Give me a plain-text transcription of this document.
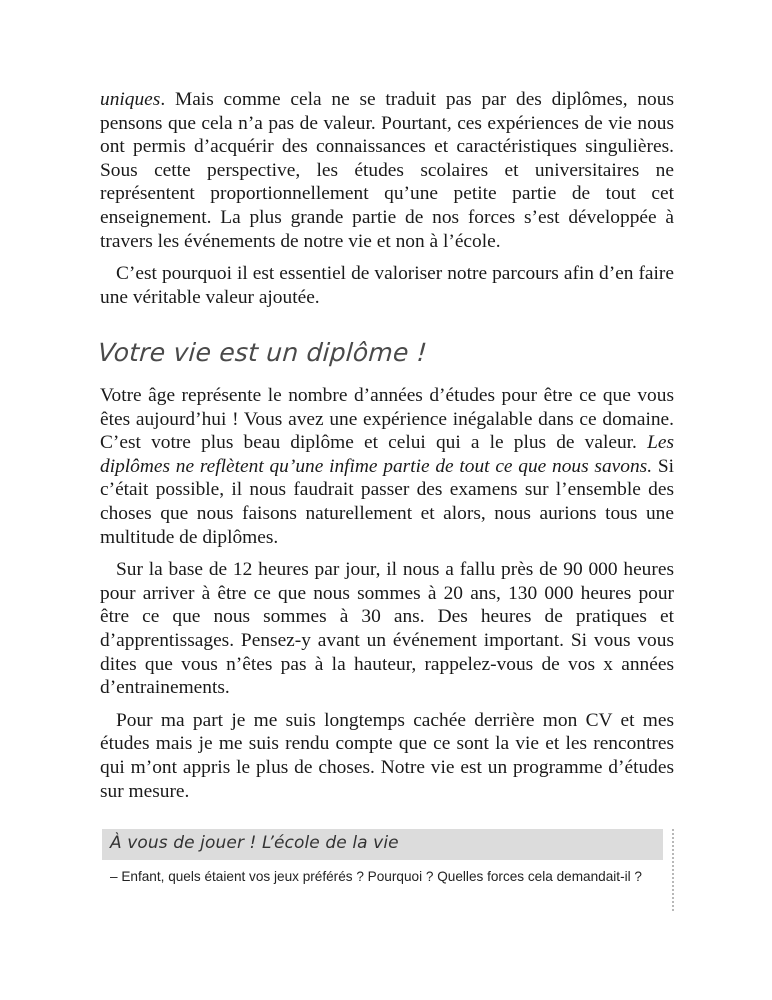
uniques. Mais comme cela ne se traduit pas par des diplômes, nous pensons que cela n’a pas de valeur. Pourtant, ces expériences de vie nous ont permis d’acquérir des connaissances et caractéristiques singulières. Sous cette perspective, les études scolaires et universitaires ne représentent proportionnellement qu’une petite partie de tout cet enseignement. La plus grande partie de nos forces s’est développée à travers les événements de notre vie et non à l’école.

C’est pourquoi il est essentiel de valoriser notre parcours afin d’en faire une véritable valeur ajoutée.

Votre vie est un diplôme !

Votre âge représente le nombre d’années d’études pour être ce que vous êtes aujourd’hui ! Vous avez une expérience inégalable dans ce domaine. C’est votre plus beau diplôme et celui qui a le plus de valeur. Les diplômes ne reflètent qu’une infime partie de tout ce que nous savons. Si c’était possible, il nous faudrait passer des examens sur l’ensemble des choses que nous faisons naturellement et alors, nous aurions tous une multitude de diplômes.

Sur la base de 12 heures par jour, il nous a fallu près de 90 000 heures pour arriver à être ce que nous sommes à 20 ans, 130 000 heures pour être ce que nous sommes à 30 ans. Des heures de pratiques et d’apprentissages. Pensez-y avant un événement important. Si vous vous dites que vous n’êtes pas à la hauteur, rappelez-vous de vos x années d’entrainements.

Pour ma part je me suis longtemps cachée derrière mon CV et mes études mais je me suis rendu compte que ce sont la vie et les rencontres qui m’ont appris le plus de choses. Notre vie est un programme d’études sur mesure.

À vous de jouer ! L’école de la vie
– Enfant, quels étaient vos jeux préférés ? Pourquoi ? Quelles forces cela demandait-il ?
